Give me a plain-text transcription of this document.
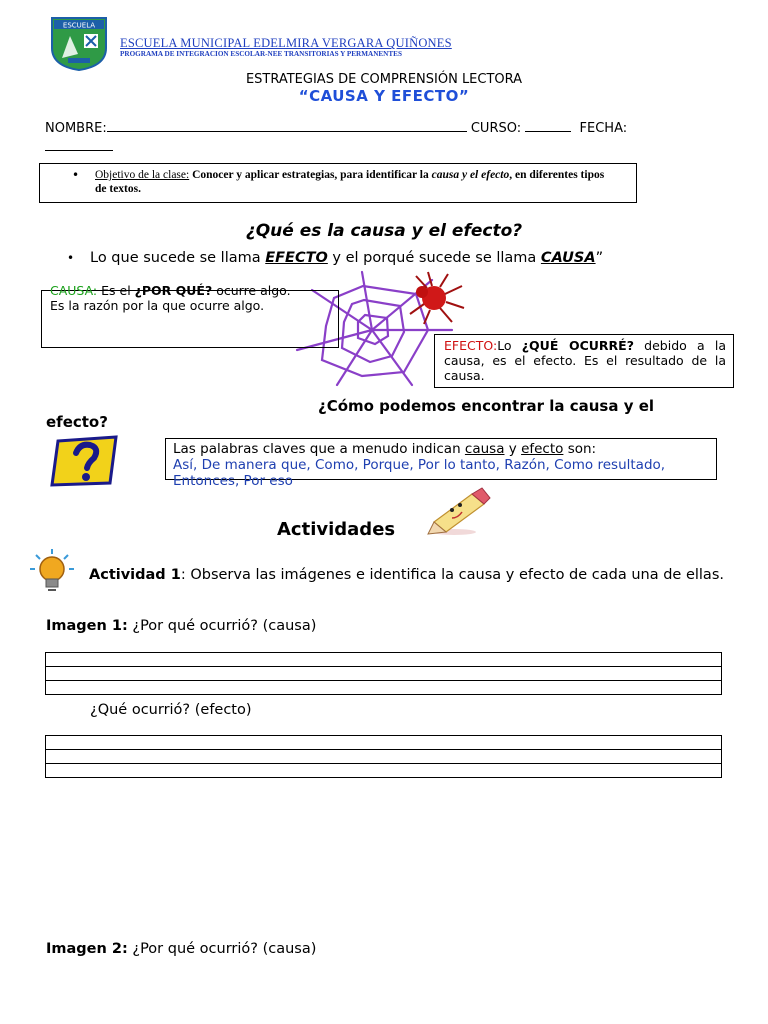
ESCUELA
ESCUELA MUNICIPAL EDELMIRA VERGARA QUIÑONES
PROGRAMA DE INTEGRACION ESCOLAR-NEE TRANSITORIAS Y PERMANENTES
ESTRATEGIAS DE COMPRENSIÓN LECTORA
“CAUSA Y EFECTO”
NOMBRE:	CURSO:	FECHA:

• Objetivo de la clase: Conocer y aplicar estrategias, para identificar la causa y el efecto, en diferentes tipos de textos.
¿Qué es la causa y el efecto?
• Lo que sucede se llama EFECTO y el porqué sucede se llama CAUSA”
CAUSA: Es el ¿POR QUÉ? ocurre algo.
Es la razón por la que ocurre algo.
EFECTO:Lo ¿QUÉ OCURRÉ? debido a la causa, es el efecto. Es el resultado de la causa.
¿Cómo podemos encontrar la causa y el
efecto?
Las palabras claves que a menudo indican causa y efecto son:
Así, De manera que, Como, Porque, Por lo tanto, Razón, Como resultado, Entonces, Por eso
Actividades
Actividad 1: Observa las imágenes e identifica la causa y efecto de cada una de ellas.
Imagen 1: ¿Por qué ocurrió? (causa)
¿Qué ocurrió? (efecto)
Imagen 2: ¿Por qué ocurrió? (causa)
